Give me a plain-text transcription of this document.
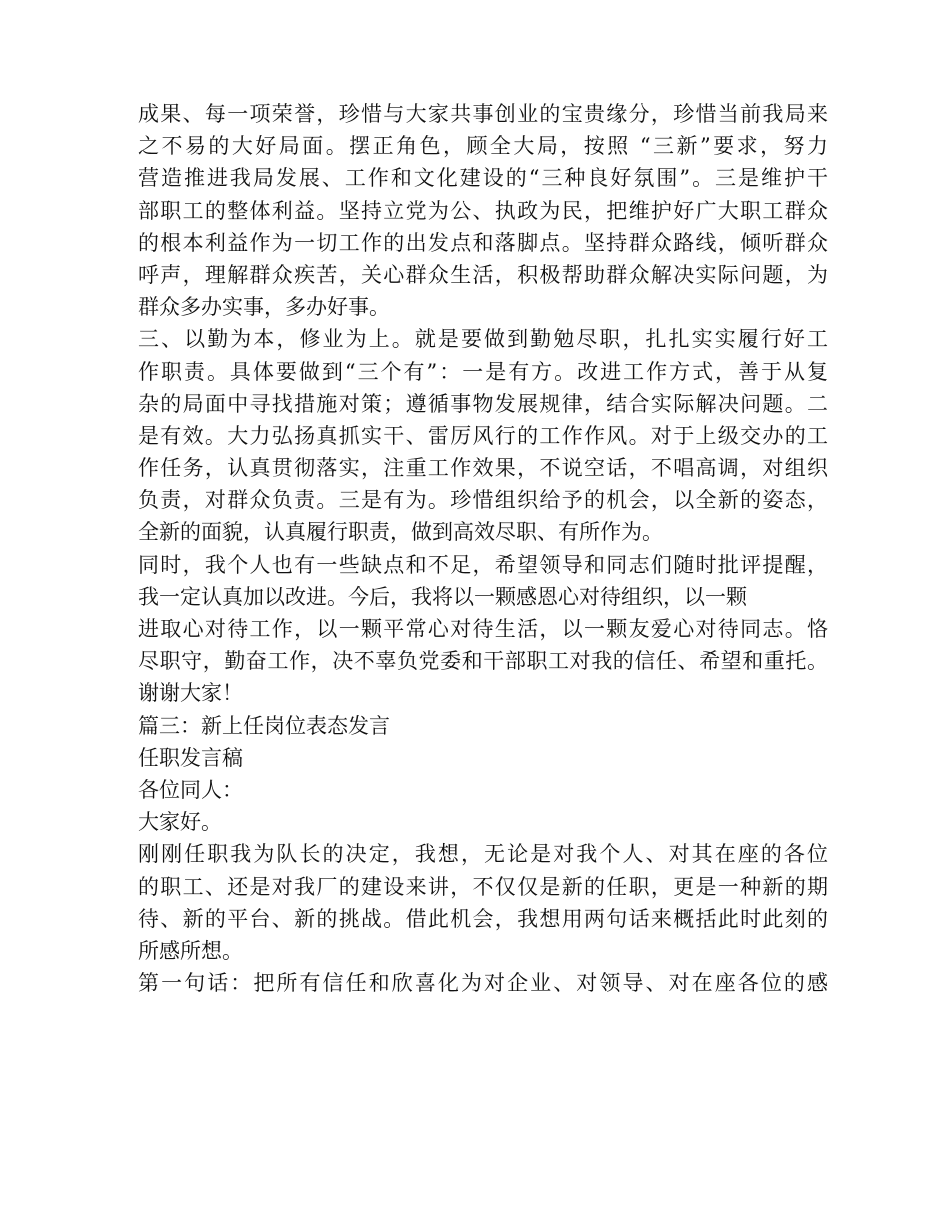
成果、每一项荣誉，珍惜与大家共事创业的宝贵缘分，珍惜当前我局来
之不易的大好局面。摆正角色，顾全大局，按照 “三新”要求，努力
营造推进我局发展、工作和文化建设的“三种良好氛围”。三是维护干
部职工的整体利益。坚持立党为公、执政为民，把维护好广大职工群众
的根本利益作为一切工作的出发点和落脚点。坚持群众路线，倾听群众
呼声，理解群众疾苦，关心群众生活，积极帮助群众解决实际问题，为
群众多办实事，多办好事。
三、以勤为本，修业为上。就是要做到勤勉尽职，扎扎实实履行好工
作职责。具体要做到“三个有”：一是有方。改进工作方式，善于从复
杂的局面中寻找措施对策；遵循事物发展规律，结合实际解决问题。二
是有效。大力弘扬真抓实干、雷厉风行的工作作风。对于上级交办的工
作任务，认真贯彻落实，注重工作效果，不说空话，不唱高调，对组织
负责，对群众负责。三是有为。珍惜组织给予的机会，以全新的姿态，
全新的面貌，认真履行职责，做到高效尽职、有所作为。
同时，我个人也有一些缺点和不足，希望领导和同志们随时批评提醒，
我一定认真加以改进。今后，我将以一颗感恩心对待组织，以一颗
进取心对待工作，以一颗平常心对待生活，以一颗友爱心对待同志。恪
尽职守，勤奋工作，决不辜负党委和干部职工对我的信任、希望和重托。
谢谢大家！
篇三：新上任岗位表态发言
任职发言稿
各位同人：
大家好。
刚刚任职我为队长的决定，我想，无论是对我个人、对其在座的各位
的职工、还是对我厂的建设来讲，不仅仅是新的任职，更是一种新的期
待、新的平台、新的挑战。借此机会，我想用两句话来概括此时此刻的
所感所想。
第一句话：把所有信任和欣喜化为对企业、对领导、对在座各位的感
